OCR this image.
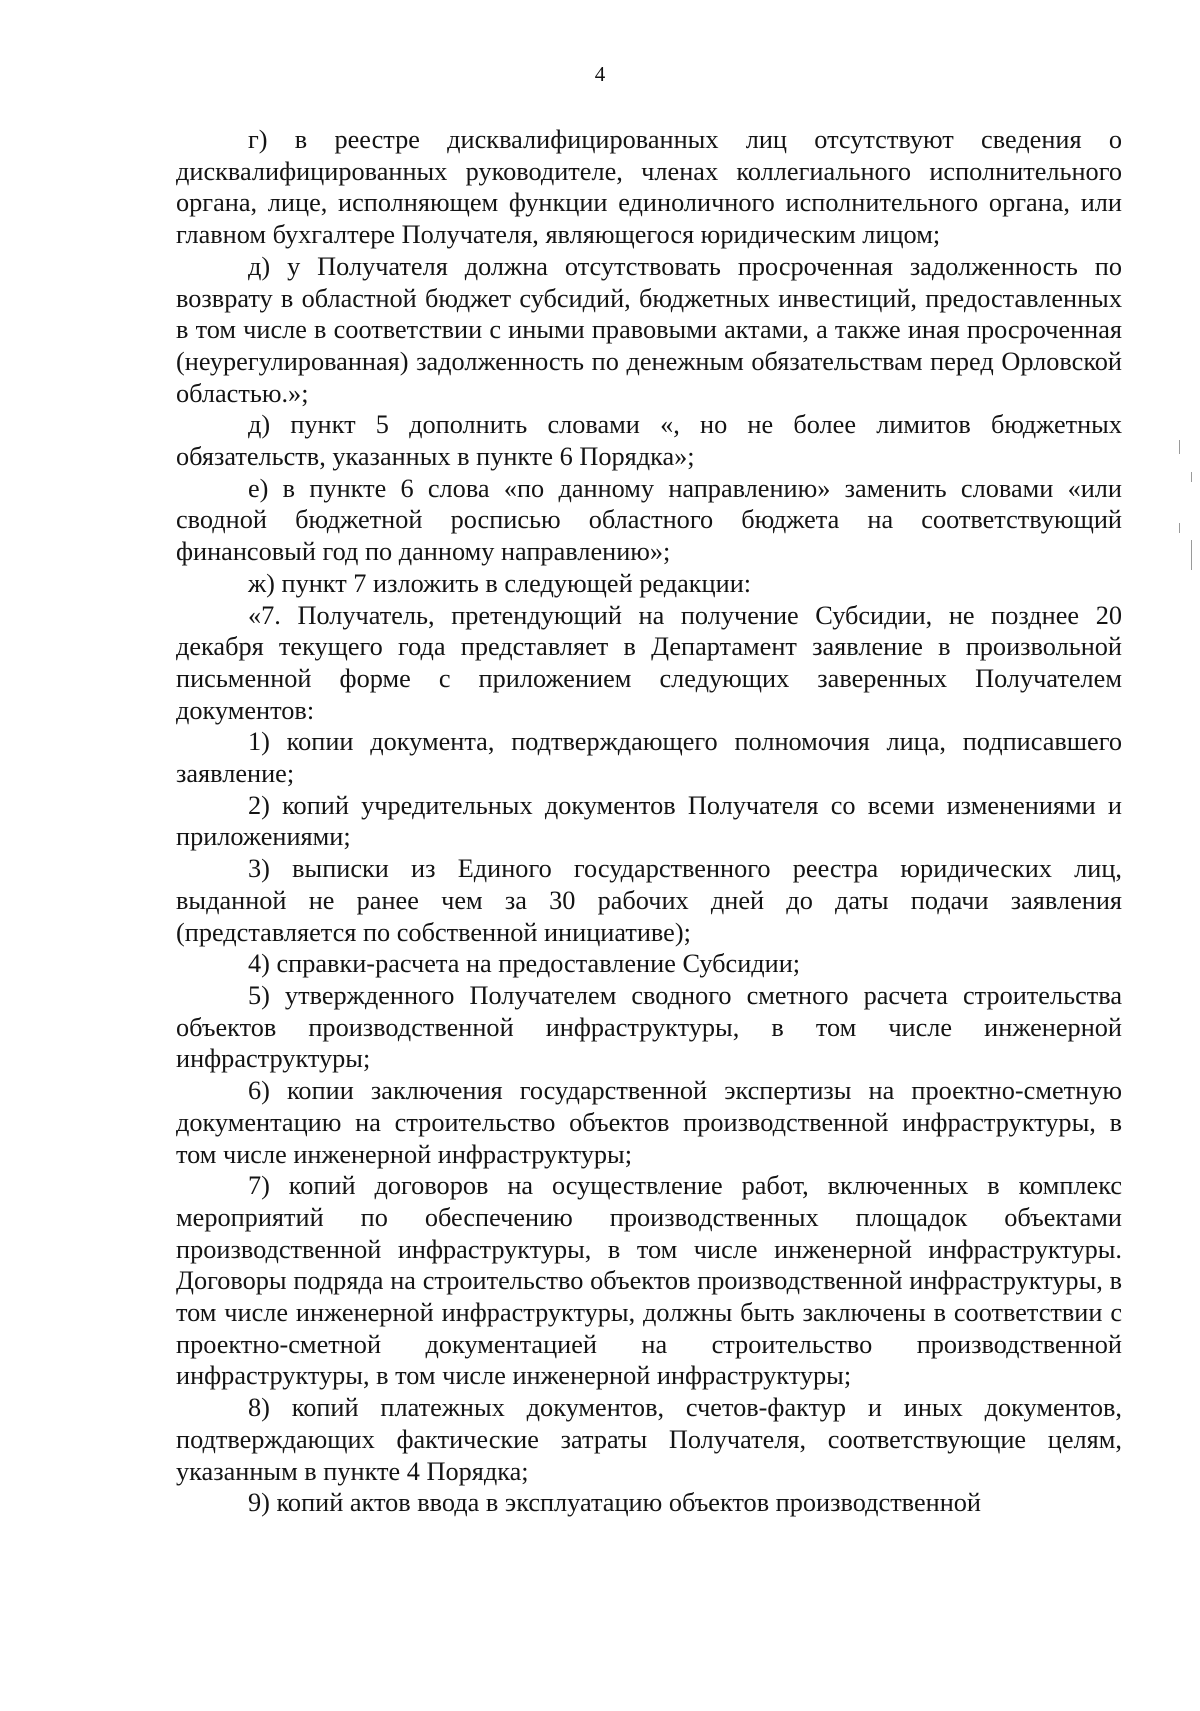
4

г) в реестре дисквалифицированных лиц отсутствуют сведения о дисквалифицированных руководителе, членах коллегиального исполнительного органа, лице, исполняющем функции единоличного исполнительного органа, или главном бухгалтере Получателя, являющегося юридическим лицом;

д) у Получателя должна отсутствовать просроченная задолженность по возврату в областной бюджет субсидий, бюджетных инвестиций, предоставленных в том числе в соответствии с иными правовыми актами, а также иная просроченная (неурегулированная) задолженность по денежным обязательствам перед Орловской областью.»;

д) пункт 5 дополнить словами «, но не более лимитов бюджетных обязательств, указанных в пункте 6 Порядка»;

е) в пункте 6 слова «по данному направлению» заменить словами «или сводной бюджетной росписью областного бюджета на соответствующий финансовый год по данному направлению»;

ж) пункт 7 изложить в следующей редакции:

«7. Получатель, претендующий на получение Субсидии, не позднее 20 декабря текущего года представляет в Департамент заявление в произвольной письменной форме с приложением следующих заверенных Получателем документов:

1) копии документа, подтверждающего полномочия лица, подписавшего заявление;

2) копий учредительных документов Получателя со всеми изменениями и приложениями;

3) выписки из Единого государственного реестра юридических лиц, выданной не ранее чем за 30 рабочих дней до даты подачи заявления (представляется по собственной инициативе);

4) справки-расчета на предоставление Субсидии;

5) утвержденного Получателем сводного сметного расчета строительства объектов производственной инфраструктуры, в том числе инженерной инфраструктуры;

6) копии заключения государственной экспертизы на проектно-сметную документацию на строительство объектов производственной инфраструктуры, в том числе инженерной инфраструктуры;

7) копий договоров на осуществление работ, включенных в комплекс мероприятий по обеспечению производственных площадок объектами производственной инфраструктуры, в том числе инженерной инфраструктуры. Договоры подряда на строительство объектов производственной инфраструктуры, в том числе инженерной инфраструктуры, должны быть заключены в соответствии с проектно-сметной документацией на строительство производственной инфраструктуры, в том числе инженерной инфраструктуры;

8) копий платежных документов, счетов-фактур и иных документов, подтверждающих фактические затраты Получателя, соответствующие целям, указанным в пункте 4 Порядка;

9) копий актов ввода в эксплуатацию объектов производственной
